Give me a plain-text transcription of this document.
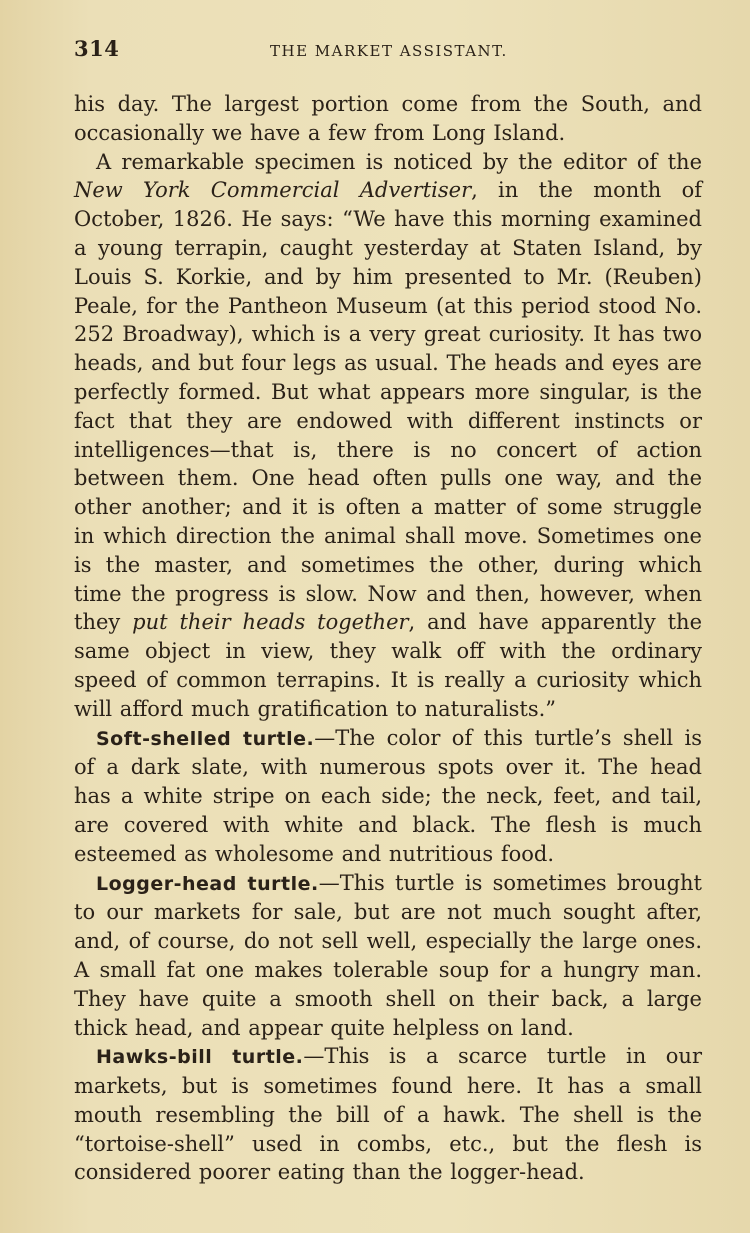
314	THE MARKET ASSISTANT.

his day. The largest portion come from the South, and occasionally we have a few from Long Island.

A remarkable specimen is noticed by the editor of the New York Commercial Advertiser, in the month of October, 1826. He says: “We have this morning examined a young terrapin, caught yesterday at Staten Island, by Louis S. Korkie, and by him presented to Mr. (Reuben) Peale, for the Pantheon Museum (at this period stood No. 252 Broadway), which is a very great curiosity. It has two heads, and but four legs as usual. The heads and eyes are perfectly formed. But what appears more singular, is the fact that they are endowed with different instincts or intelligences—that is, there is no concert of action between them. One head often pulls one way, and the other another; and it is often a matter of some struggle in which direction the animal shall move. Sometimes one is the master, and sometimes the other, during which time the progress is slow. Now and then, however, when they put their heads together, and have apparently the same object in view, they walk off with the ordinary speed of common terrapins. It is really a curiosity which will afford much gratification to naturalists.”

Soft-shelled turtle.—The color of this turtle’s shell is of a dark slate, with numerous spots over it. The head has a white stripe on each side; the neck, feet, and tail, are covered with white and black. The flesh is much esteemed as wholesome and nutritious food.

Logger-head turtle.—This turtle is sometimes brought to our markets for sale, but are not much sought after, and, of course, do not sell well, especially the large ones. A small fat one makes tolerable soup for a hungry man. They have quite a smooth shell on their back, a large thick head, and appear quite helpless on land.

Hawks-bill turtle.—This is a scarce turtle in our markets, but is sometimes found here. It has a small mouth resembling the bill of a hawk. The shell is the “tortoise-shell” used in combs, etc., but the flesh is considered poorer eating than the logger-head.
